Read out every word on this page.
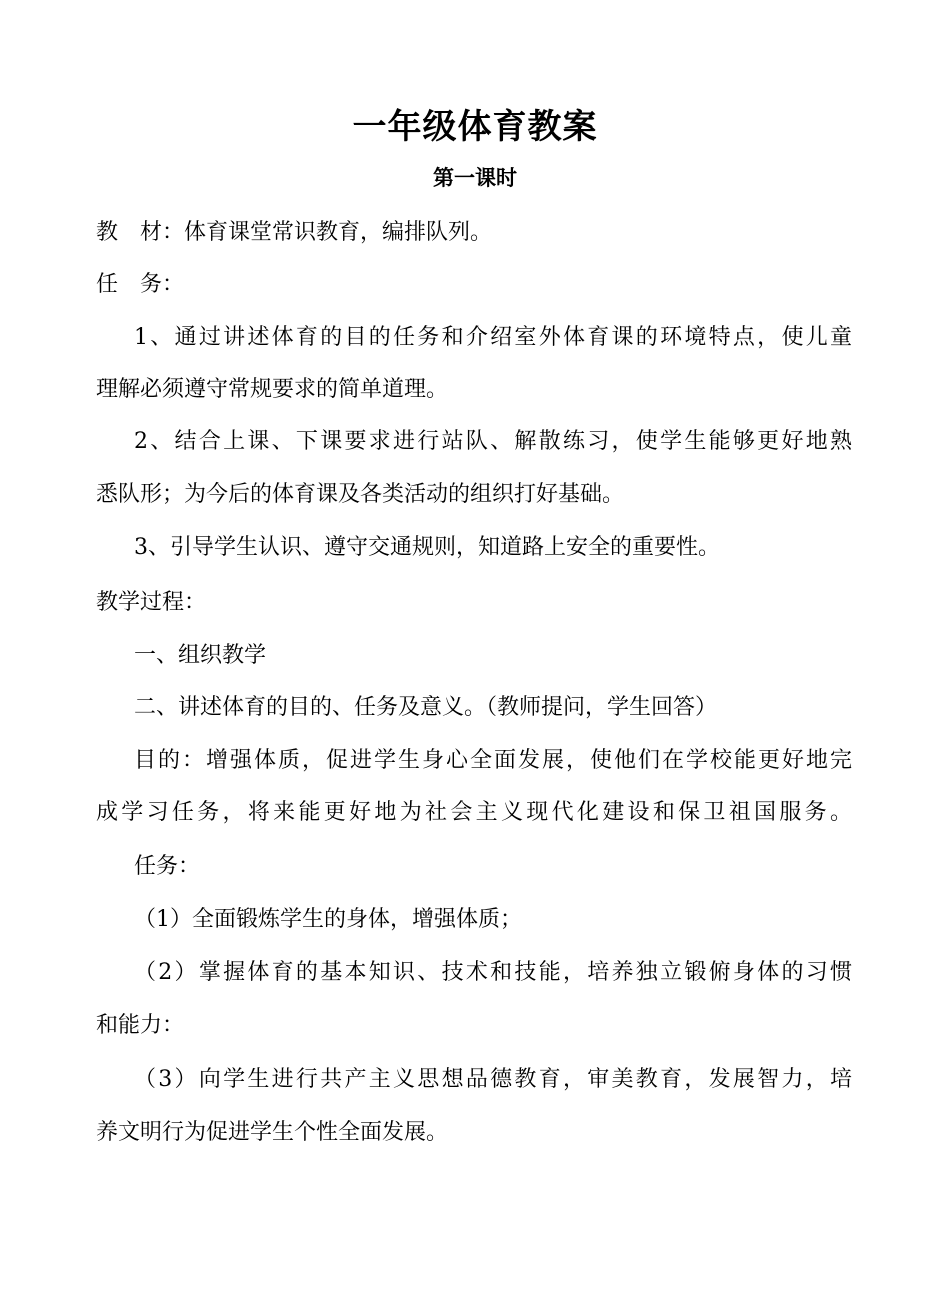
一年级体育教案
第一课时
教　材：体育课堂常识教育，编排队列。
任　务：
1、通过讲述体育的目的任务和介绍室外体育课的环境特点，使儿童
理解必须遵守常规要求的简单道理。
2、结合上课、下课要求进行站队、解散练习，使学生能够更好地熟
悉队形；为今后的体育课及各类活动的组织打好基础。
3、引导学生认识、遵守交通规则，知道路上安全的重要性。
教学过程：
一、组织教学
二、讲述体育的目的、任务及意义。（教师提问，学生回答）
目的：增强体质，促进学生身心全面发展，使他们在学校能更好地完
成学习任务，将来能更好地为社会主义现代化建设和保卫祖国服务。
任务：
（1）全面锻炼学生的身体，增强体质；
（2）掌握体育的基本知识、技术和技能，培养独立锻俯身体的习惯
和能力：
（3）向学生进行共产主义思想品德教育，审美教育，发展智力，培
养文明行为促进学生个性全面发展。
